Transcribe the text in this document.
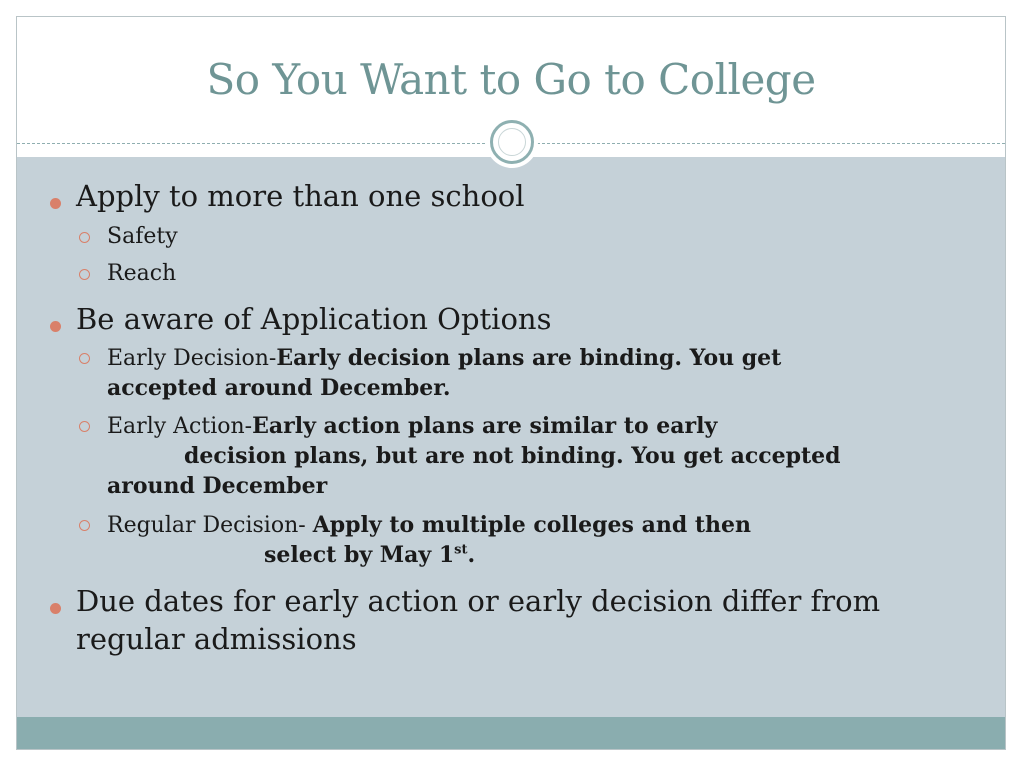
So You Want to Go to College
Apply to more than one school
Safety
Reach
Be aware of Application Options
Early Decision-Early decision plans are binding. You get
accepted around December.
Early Action-Early action plans are similar to early
decision plans, but are not binding. You get accepted
around December
Regular Decision- Apply to multiple colleges and then
select by May 1st.
Due dates for early action or early decision differ from
regular admissions
